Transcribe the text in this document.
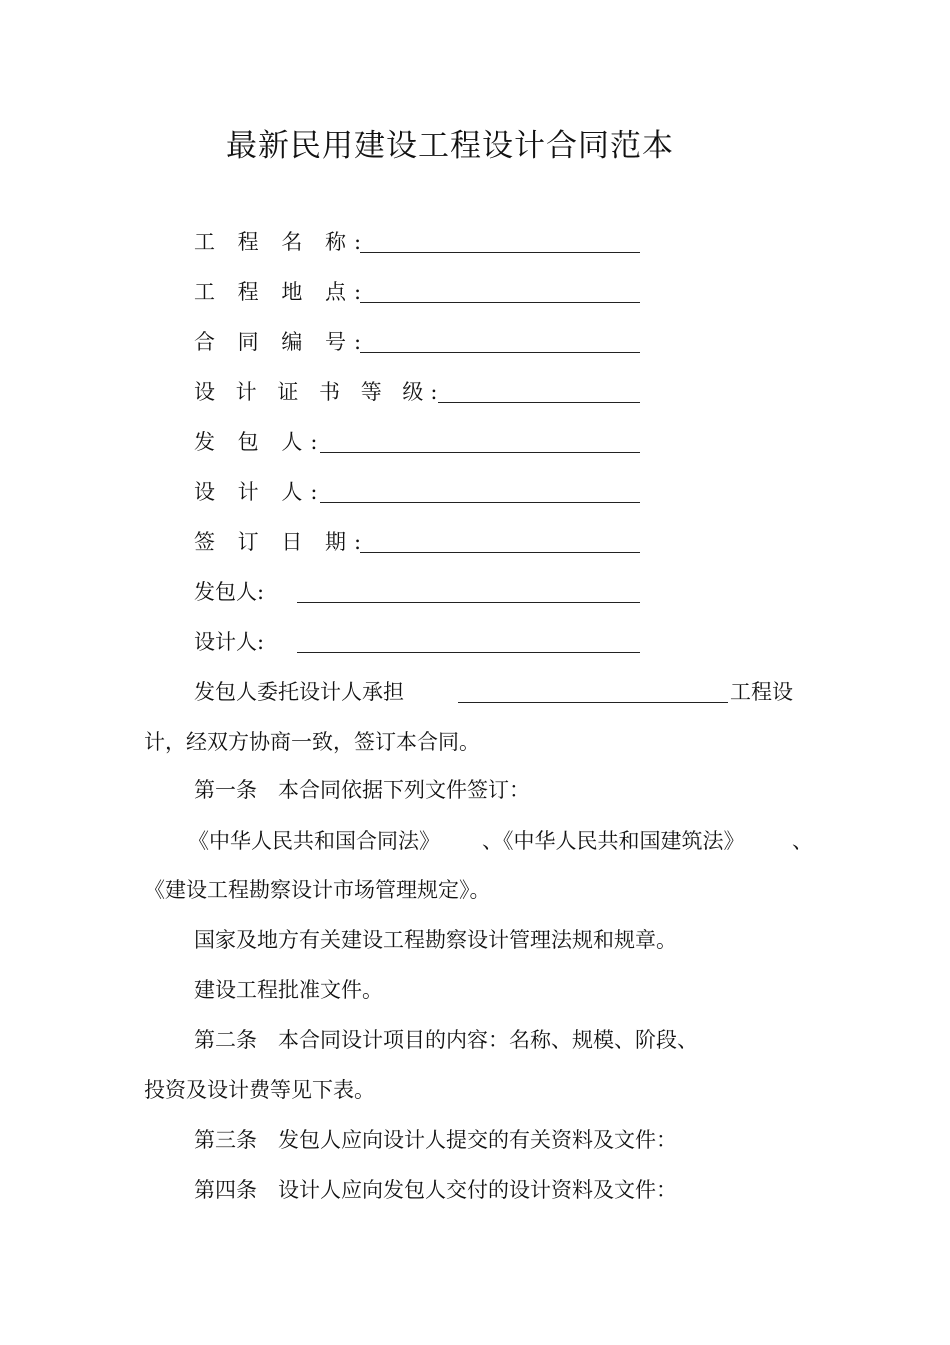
最新民用建设工程设计合同范本
工 程 名 称:
工 程 地 点:
合 同 编 号:
设 计 证 书 等 级:
发 包 人:
设 计 人:
签 订 日 期:
发包人:
设计人:
发包人委托设计人承担	工程设
计，经双方协商一致，签订本合同。
第一条　本合同依据下列文件签订：
《中华人民共和国合同法》 、《中华人民共和国建筑法》 、
《建设工程勘察设计市场管理规定》。
国家及地方有关建设工程勘察设计管理法规和规章。
建设工程批准文件。
第二条　本合同设计项目的内容：名称、规模、阶段、
投资及设计费等见下表。
第三条　发包人应向设计人提交的有关资料及文件：
第四条　设计人应向发包人交付的设计资料及文件：
